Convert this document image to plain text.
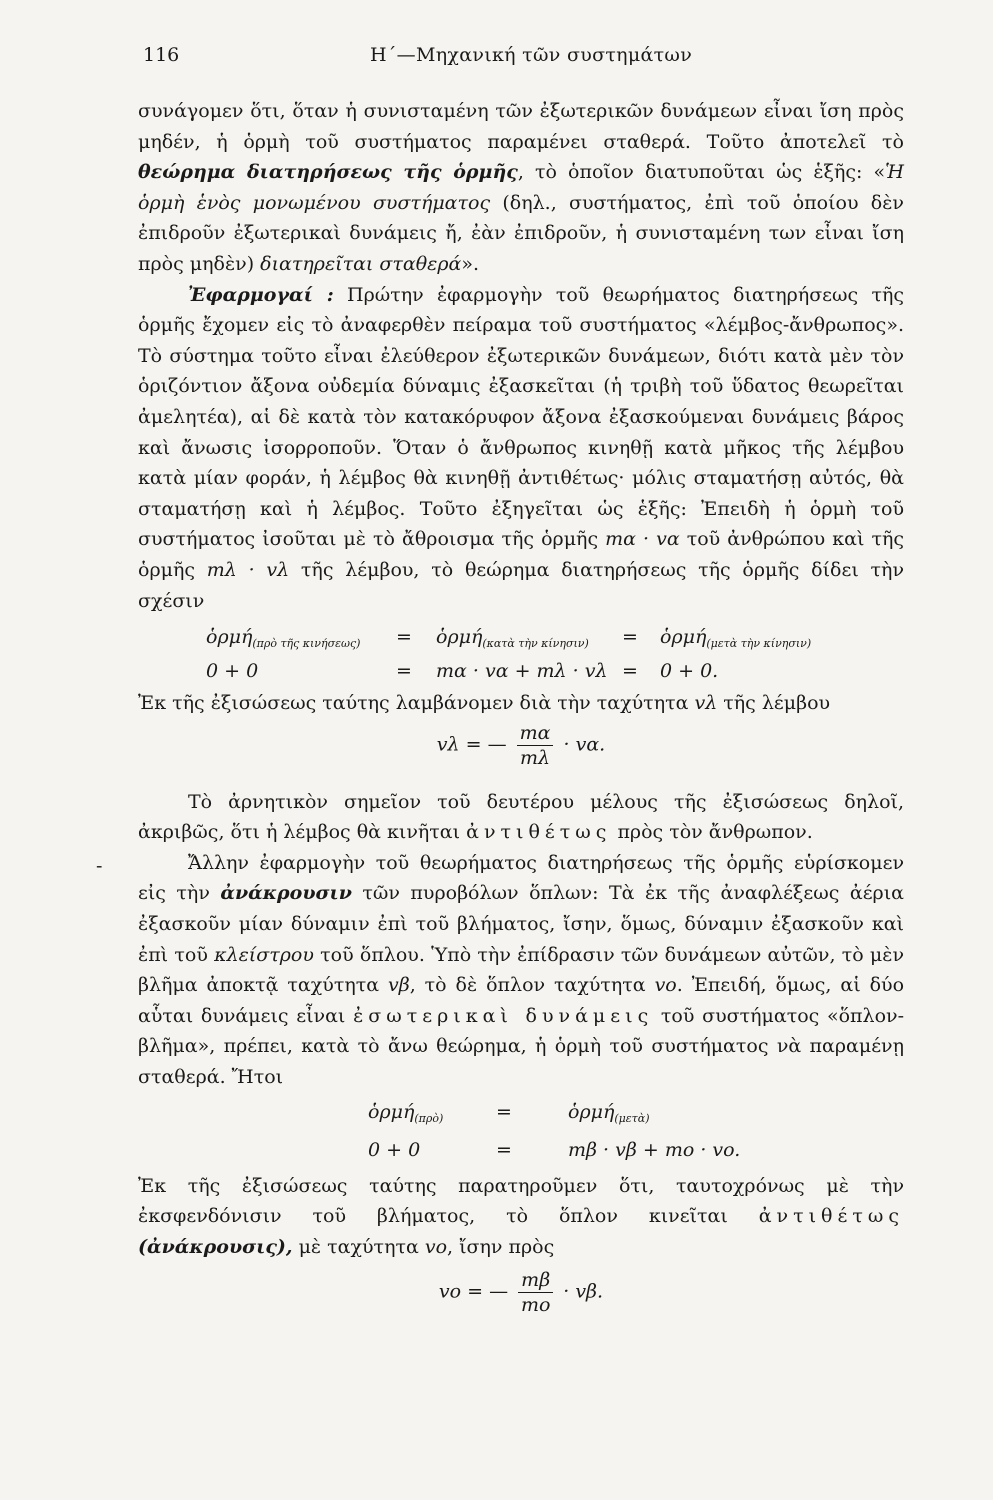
116	Η΄—Μηχανική τῶν συστημάτων
-

συνάγομεν ὅτι, ὅταν ἡ συνισταμένη τῶν ἐξωτερικῶν δυνάμεων εἶναι ἴση πρὸς μηδέν, ἡ ὁρμὴ τοῦ συστήματος παραμένει σταθερά. Τοῦτο ἀποτελεῖ τὸ θεώρημα διατηρήσεως τῆς ὁρμῆς, τὸ ὁποῖον διατυποῦται ὡς ἑξῆς: «Ἡ ὁρμὴ ἑνὸς μονωμένου συστήματος (δηλ., συστήματος, ἐπὶ τοῦ ὁποίου δὲν ἐπιδροῦν ἐξωτερικαὶ δυνάμεις ἤ, ἐὰν ἐπιδροῦν, ἡ συνισταμένη των εἶναι ἴση πρὸς μηδὲν) διατηρεῖται σταθερά».

Ἐφαρμογαί : Πρώτην ἐφαρμογὴν τοῦ θεωρήματος διατηρήσεως τῆς ὁρμῆς ἔχομεν εἰς τὸ ἀναφερθὲν πείραμα τοῦ συστήματος «λέμβος-ἄνθρωπος». Τὸ σύστημα τοῦτο εἶναι ἐλεύθερον ἐξωτερικῶν δυνάμεων, διότι κατὰ μὲν τὸν ὁριζόντιον ἄξονα οὐδεμία δύναμις ἐξασκεῖται (ἡ τριβὴ τοῦ ὕδατος θεωρεῖται ἀμελητέα), αἱ δὲ κατὰ τὸν κατακόρυφον ἄξονα ἐξασκούμεναι δυνάμεις βάρος καὶ ἄνωσις ἰσορροποῦν. Ὅταν ὁ ἄνθρωπος κινηθῇ κατὰ μῆκος τῆς λέμβου κατὰ μίαν φοράν, ἡ λέμβος θὰ κινηθῇ ἀντιθέτως· μόλις σταματήσῃ αὐτός, θὰ σταματήσῃ καὶ ἡ λέμβος. Τοῦτο ἐξηγεῖται ὡς ἑξῆς: Ἐπειδὴ ἡ ὁρμὴ τοῦ συστήματος ἰσοῦται μὲ τὸ ἄθροισμα τῆς ὁρμῆς mα · vα τοῦ ἀνθρώπου καὶ τῆς ὁρμῆς mλ · vλ τῆς λέμβου, τὸ θεώρημα διατηρήσεως τῆς ὁρμῆς δίδει τὴν σχέσιν

ὁρμή$_{(\pi\rho ὸ \tau ῆ\varsigma \kappa\iota\nu ή\sigma\varepsilon\omega\varsigma)}$ = ὁρμή$_{(\kappa\alpha\tau ὰ \tau ὴ\nu \kappa ί\nu\eta\sigma\iota\nu)}$ = ὁρμή$_{(\mu\varepsilon\tau ὰ \tau ὴ\nu \kappa ί\nu\eta\sigma\iota\nu)}$
0 + 0	= mα · vα + mλ · vλ = 0 + 0.

Ἐκ τῆς ἐξισώσεως ταύτης λαμβάνομεν διὰ τὴν ταχύτητα vλ τῆς λέμβου

vλ = — $\frac{m\alpha}{m\lambda} \cdot v\alpha$.

Τὸ ἀρνητικὸν σημεῖον τοῦ δευτέρου μέλους τῆς ἐξισώσεως δηλοῖ, ἀκριβῶς, ὅτι ἡ λέμβος θὰ κινῆται ἀντιθέτως πρὸς τὸν ἄνθρωπον.

Ἄλλην ἐφαρμογὴν τοῦ θεωρήματος διατηρήσεως τῆς ὁρμῆς εὑρίσκομεν εἰς τὴν ἀνάκρουσιν τῶν πυροβόλων ὅπλων: Τὰ ἐκ τῆς ἀναφλέξεως ἀέρια ἐξασκοῦν μίαν δύναμιν ἐπὶ τοῦ βλήματος, ἴσην, ὅμως, δύναμιν ἐξασκοῦν καὶ ἐπὶ τοῦ κλείστρου τοῦ ὅπλου. Ὑπὸ τὴν ἐπίδρασιν τῶν δυνάμεων αὐτῶν, τὸ μὲν βλῆμα ἀποκτᾷ ταχύτητα vβ, τὸ δὲ ὅπλον ταχύτητα vo. Ἐπειδή, ὅμως, αἱ δύο αὗται δυνάμεις εἶναι ἐσωτερικαὶ δυνάμεις τοῦ συστήματος «ὅπλον-βλῆμα», πρέπει, κατὰ τὸ ἄνω θεώρημα, ἡ ὁρμὴ τοῦ συστήματος νὰ παραμένῃ σταθερά. Ἤτοι

ὁρμή$_{(\pi\rho ὸ)}$	=	ὁρμή$_{(\mu\varepsilon\tau ὰ)}$
0 + 0	=	mβ · vβ + mo · vo.

Ἐκ τῆς ἐξισώσεως ταύτης παρατηροῦμεν ὅτι, ταυτοχρόνως μὲ τὴν ἐκσφενδόνισιν τοῦ βλήματος, τὸ ὅπλον κινεῖται ἀντιθέτως (ἀνάκρουσις), μὲ ταχύτητα vo, ἴσην πρὸς

vo = — $\frac{m\beta}{mo} \cdot v\beta$.
